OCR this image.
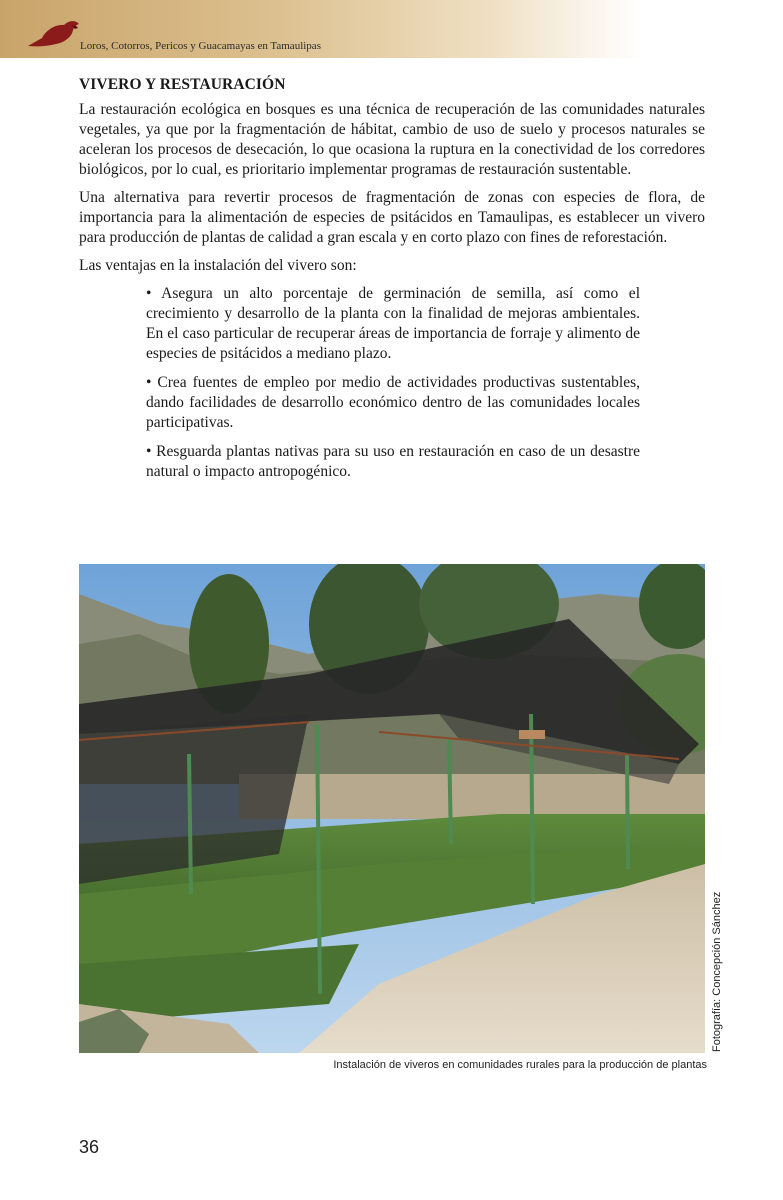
Loros, Cotorros, Pericos y Guacamayas en Tamaulipas
VIVERO Y RESTAURACIÓN

La restauración ecológica en bosques es una técnica de recuperación de las comunidades naturales vegetales, ya que por la fragmentación de hábitat, cambio de uso de suelo y procesos naturales se aceleran los procesos de desecación, lo que ocasiona la ruptura en la conectividad de los corredores biológicos, por lo cual, es prioritario implementar programas de restauración sustentable.

Una alternativa para revertir procesos de fragmentación de zonas con especies de flora, de importancia para la alimentación de especies de psitácidos en Tamaulipas, es establecer un vivero para producción de plantas de calidad a gran escala y en corto plazo con fines de reforestación.

Las ventajas en la instalación del vivero son:

• Asegura un alto porcentaje de germinación de semilla, así como el crecimiento y desarrollo de la planta con la finalidad de mejoras ambientales. En el caso particular de recuperar áreas de importancia de forraje y alimento de especies de psitácidos a mediano plazo.

• Crea fuentes de empleo por medio de actividades productivas sustentables, dando facilidades de desarrollo económico dentro de las comunidades locales participativas.

• Resguarda plantas nativas para su uso en restauración en caso de un desastre natural o impacto antropogénico.

Fotografía: Concepción Sánchez
Instalación de viveros en comunidades rurales para la producción de plantas
36
